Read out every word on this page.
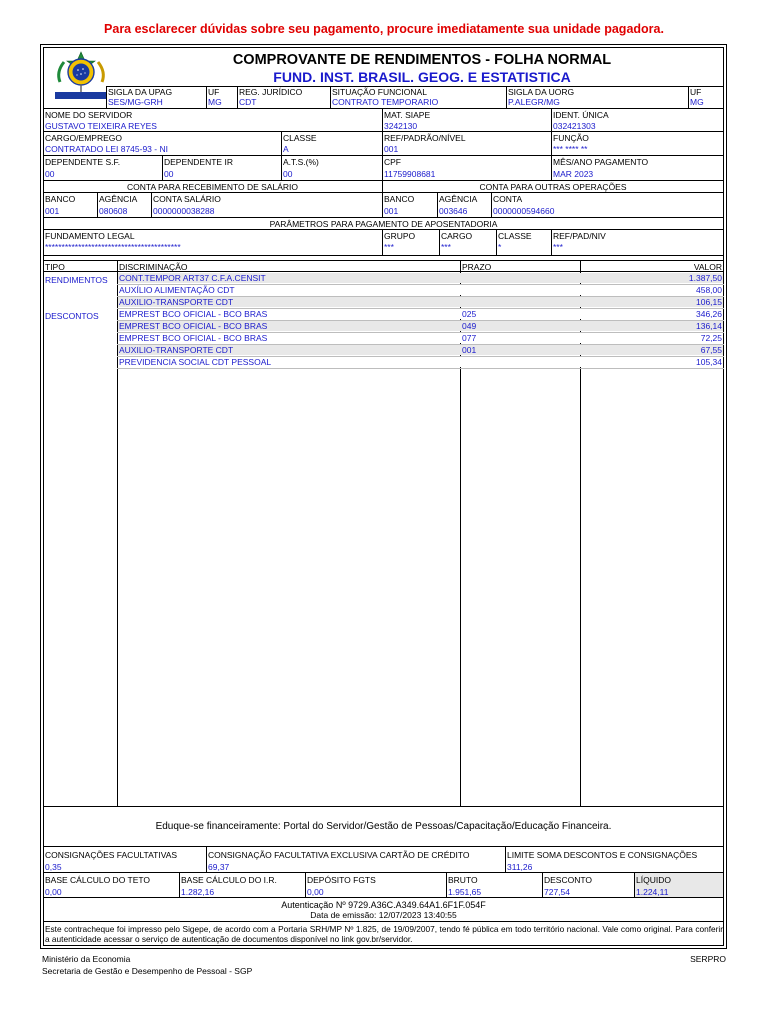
Para esclarecer dúvidas sobre seu pagamento, procure imediatamente sua unidade pagadora.
COMPROVANTE DE RENDIMENTOS - FOLHA NORMAL
FUND. INST. BRASIL. GEOG. E ESTATISTICA
SIGLA DA UPAG
SES/MG-GRH
UF
MG
REG. JURÍDICO
CDT
SITUAÇÃO FUNCIONAL
CONTRATO TEMPORARIO
SIGLA DA UORG
P.ALEGR/MG
UF
MG
NOME DO SERVIDOR
GUSTAVO TEIXEIRA REYES
MAT. SIAPE
3242130
IDENT. ÚNICA
032421303
CARGO/EMPREGO
CONTRATADO LEI 8745-93 - NI
CLASSE
A
REF/PADRÃO/NÍVEL
001
FUNÇÃO
*** **** **
DEPENDENTE S.F.
00
DEPENDENTE IR
00
A.T.S.(%)
00
CPF
11759908681
MÊS/ANO PAGAMENTO
MAR 2023
CONTA PARA RECEBIMENTO DE SALÁRIO	CONTA PARA OUTRAS OPERAÇÕES
BANCO
001
AGÊNCIA
080608
CONTA SALÁRIO
0000000038288
BANCO
001
AGÊNCIA
003646
CONTA
0000000594660
PARÂMETROS PARA PAGAMENTO DE APOSENTADORIA
FUNDAMENTO LEGAL
*****************************************
GRUPO
***
CARGO
***
CLASSE
*
REF/PAD/NIV
***
TIPO	DISCRIMINAÇÃO	PRAZO	VALOR
RENDIMENTOS
DESCONTOS
CONT.TEMPOR ART37 C.F.A.CENSIT	1.387,50
AUXÍLIO ALIMENTAÇÃO CDT	458,00
AUXILIO-TRANSPORTE CDT	106,15
EMPREST BCO OFICIAL - BCO BRAS	025	346,26
EMPREST BCO OFICIAL - BCO BRAS	049	136,14
EMPREST BCO OFICIAL - BCO BRAS	077	72,25
AUXILIO-TRANSPORTE CDT	001	67,55
PREVIDENCIA SOCIAL CDT PESSOAL	105,34
Eduque-se financeiramente: Portal do Servidor/Gestão de Pessoas/Capacitação/Educação Financeira.
CONSIGNAÇÕES FACULTATIVAS
0,35
CONSIGNAÇÃO FACULTATIVA EXCLUSIVA CARTÃO DE CRÉDITO
69,37
LIMITE SOMA DESCONTOS E CONSIGNAÇÕES
311,26
BASE CÁLCULO DO TETO
0,00
BASE CÁLCULO DO I.R.
1.282,16
DEPÓSITO FGTS
0,00
BRUTO
1.951,65
DESCONTO
727,54
LÍQUIDO
1.224,11
Autenticação Nº 9729.A36C.A349.64A1.6F1F.054F
Data de emissão: 12/07/2023 13:40:55
Este contracheque foi impresso pelo Sigepe, de acordo com a Portaria SRH/MP Nº 1.825, de 19/09/2007, tendo fé pública em todo território nacional. Vale como original. Para conferir a autenticidade acessar o serviço de autenticação de documentos disponível no link gov.br/servidor.
Ministério da Economia
Secretaria de Gestão e Desempenho de Pessoal - SGP
SERPRO
